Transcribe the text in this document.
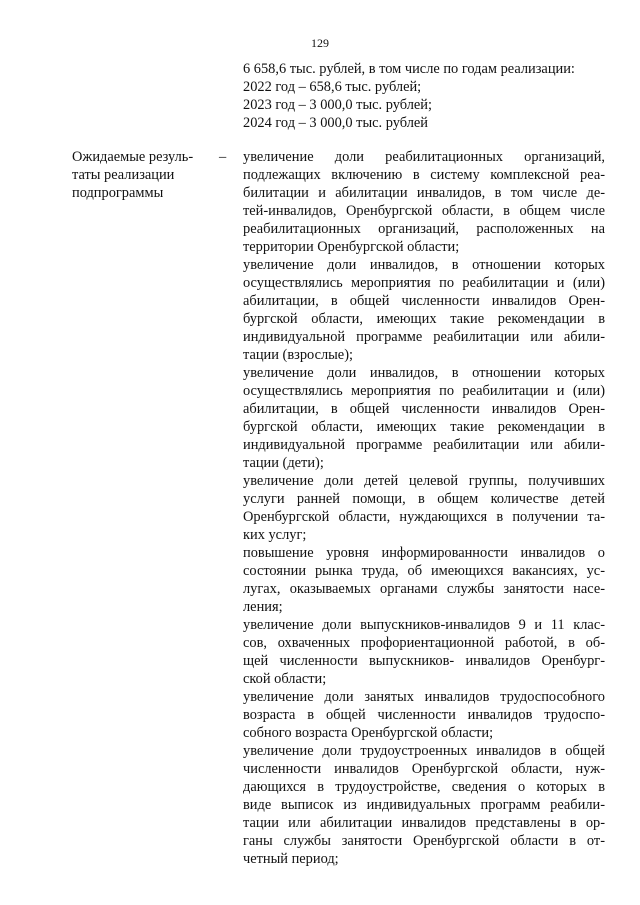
129
6 658,6 тыс. рублей, в том числе по годам реализации:
2022 год – 658,6 тыс. рублей;
2023 год – 3 000,0 тыс. рублей;
2024 год – 3 000,0 тыс. рублей
Ожидаемые резуль-
таты реализации
подпрограммы
– увеличение доли реабилитационных организаций,
подлежащих включению в систему комплексной реа-
билитации и абилитации инвалидов, в том числе де-
тей-инвалидов, Оренбургской области, в общем числе
реабилитационных организаций, расположенных на
территории Оренбургской области;
увеличение доли инвалидов, в отношении которых
осуществлялись мероприятия по реабилитации и (или)
абилитации, в общей численности инвалидов Орен-
бургской области, имеющих такие рекомендации в
индивидуальной программе реабилитации или абили-
тации (взрослые);
увеличение доли инвалидов, в отношении которых
осуществлялись мероприятия по реабилитации и (или)
абилитации, в общей численности инвалидов Орен-
бургской области, имеющих такие рекомендации в
индивидуальной программе реабилитации или абили-
тации (дети);
увеличение доли детей целевой группы, получивших
услуги ранней помощи, в общем количестве детей
Оренбургской области, нуждающихся в получении та-
ких услуг;
повышение уровня информированности инвалидов о
состоянии рынка труда, об имеющихся вакансиях, ус-
лугах, оказываемых органами службы занятости насе-
ления;
увеличение доли выпускников-инвалидов 9 и 11 клас-
сов, охваченных профориентационной работой, в об-
щей численности выпускников- инвалидов Оренбург-
ской области;
увеличение доли занятых инвалидов трудоспособного
возраста в общей численности инвалидов трудоспо-
собного возраста Оренбургской области;
увеличение доли трудоустроенных инвалидов в общей
численности инвалидов Оренбургской области, нуж-
дающихся в трудоустройстве, сведения о которых в
виде выписок из индивидуальных программ реабили-
тации или абилитации инвалидов представлены в ор-
ганы службы занятости Оренбургской области в от-
четный период;
